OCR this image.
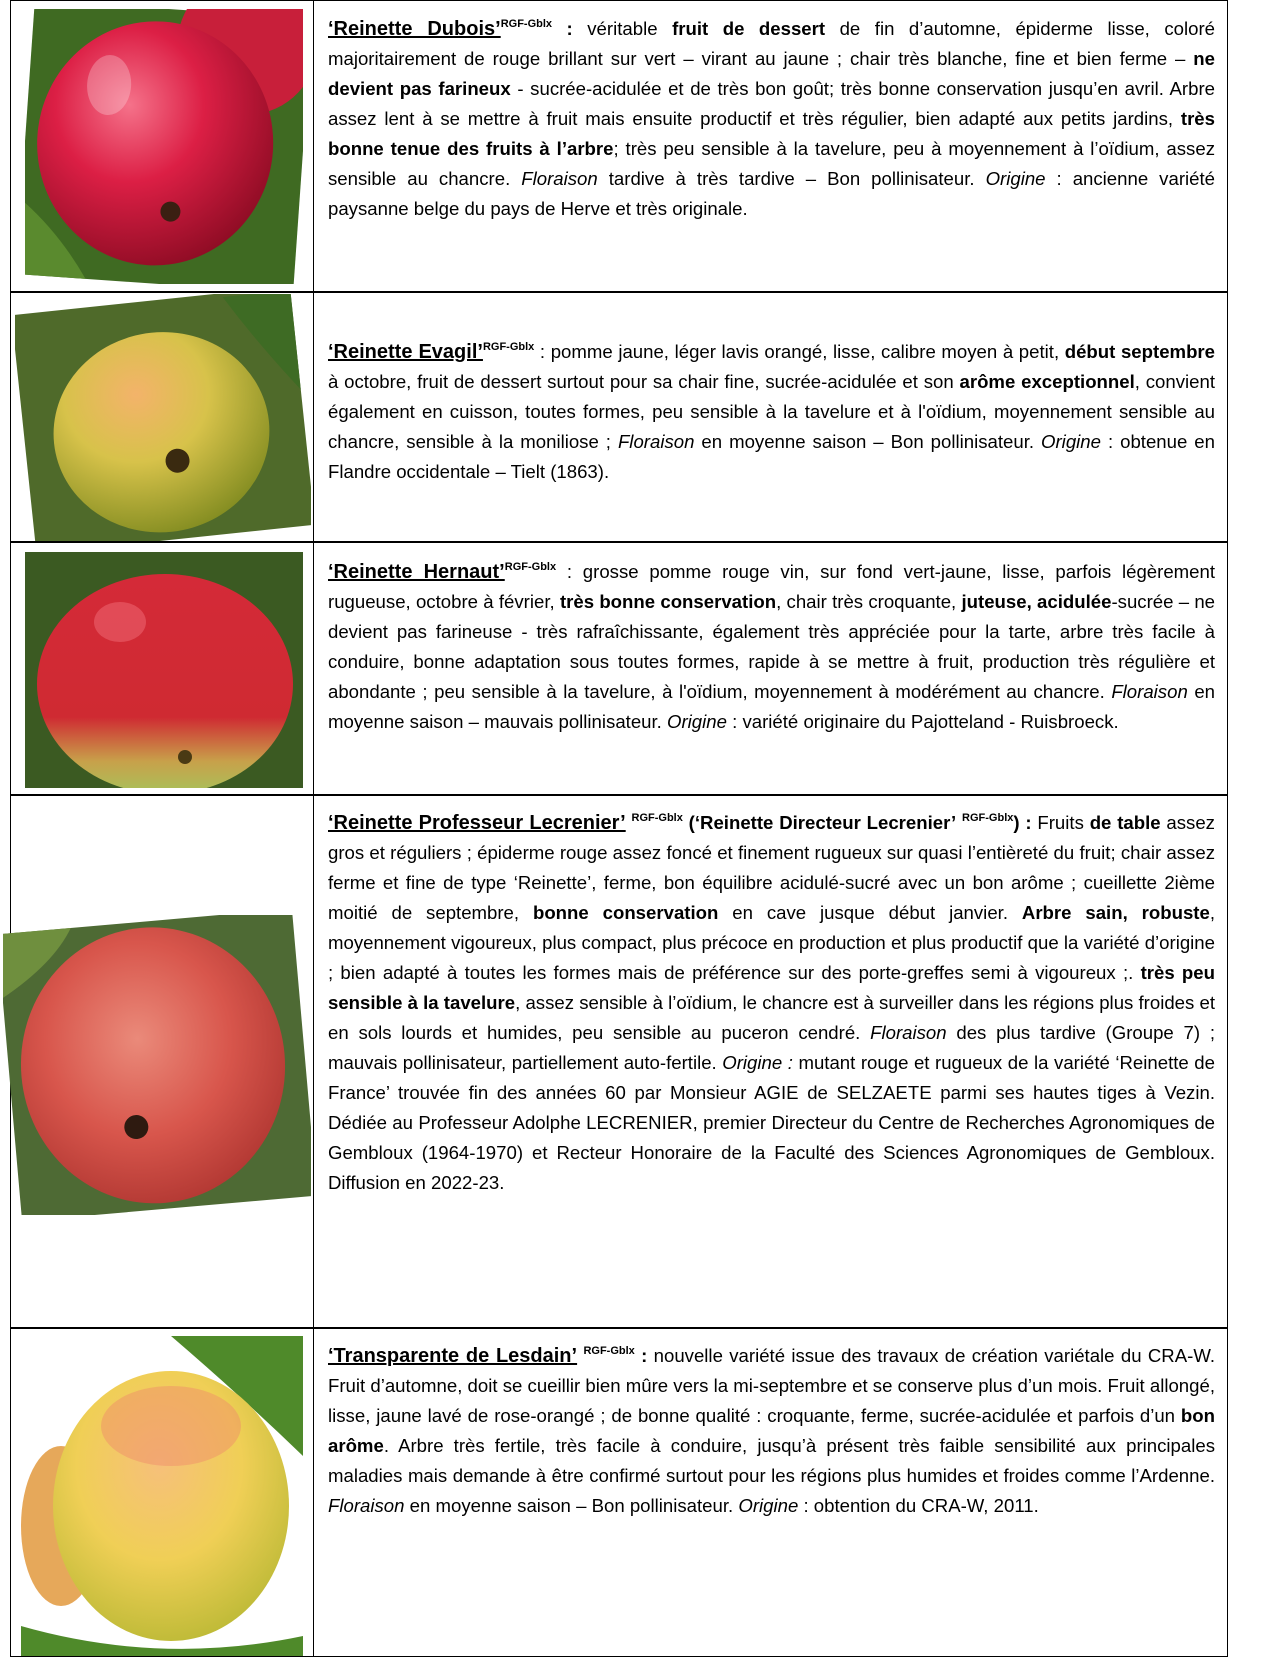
‘Reinette Dubois’$^{RGF-Gblx}$ : véritable fruit de dessert de fin d’automne, épiderme lisse, coloré majoritairement de rouge brillant sur vert – virant au jaune ; chair très blanche, fine et bien ferme – ne devient pas farineux - sucrée-acidulée et de très bon goût; très bonne conservation jusqu’en avril. Arbre assez lent à se mettre à fruit mais ensuite productif et très régulier, bien adapté aux petits jardins, très bonne tenue des fruits à l’arbre; très peu sensible à la tavelure, peu à moyennement à l’oïdium, assez sensible au chancre. Floraison tardive à très tardive – Bon pollinisateur. Origine : ancienne variété paysanne belge du pays de Herve et très originale.
‘Reinette Evagil’$^{RGF-Gblx}$ : pomme jaune, léger lavis orangé, lisse, calibre moyen à petit, début septembre à octobre, fruit de dessert surtout pour sa chair fine, sucrée-acidulée et son arôme exceptionnel, convient également en cuisson, toutes formes, peu sensible à la tavelure et à l'oïdium, moyennement sensible au chancre, sensible à la moniliose ; Floraison en moyenne saison – Bon pollinisateur. Origine : obtenue en Flandre occidentale – Tielt (1863).
‘Reinette Hernaut’$^{RGF-Gblx}$ : grosse pomme rouge vin, sur fond vert-jaune, lisse, parfois légèrement rugueuse, octobre à février, très bonne conservation, chair très croquante, juteuse, acidulée-sucrée – ne devient pas farineuse - très rafraîchissante, également très appréciée pour la tarte, arbre très facile à conduire, bonne adaptation sous toutes formes, rapide à se mettre à fruit, production très régulière et abondante ; peu sensible à la tavelure, à l'oïdium, moyennement à modérément au chancre. Floraison en moyenne saison – mauvais pollinisateur. Origine : variété originaire du Pajotteland - Ruisbroeck.
‘Reinette Professeur Lecrenier’ $^{RGF-Gblx}$ (‘Reinette Directeur Lecrenier’ $^{RGF-Gblx}$) : Fruits de table assez gros et réguliers ; épiderme rouge assez foncé et finement rugueux sur quasi l’entièreté du fruit; chair assez ferme et fine de type ‘Reinette’, ferme, bon équilibre acidulé-sucré avec un bon arôme ; cueillette 2ième moitié de septembre, bonne conservation en cave jusque début janvier. Arbre sain, robuste, moyennement vigoureux, plus compact, plus précoce en production et plus productif que la variété d’origine ; bien adapté à toutes les formes mais de préférence sur des porte-greffes semi à vigoureux ;. très peu sensible à la tavelure, assez sensible à l’oïdium, le chancre est à surveiller dans les régions plus froides et en sols lourds et humides, peu sensible au puceron cendré. Floraison des plus tardive (Groupe 7) ; mauvais pollinisateur, partiellement auto-fertile. Origine : mutant rouge et rugueux de la variété ‘Reinette de France’ trouvée fin des années 60 par Monsieur AGIE de SELZAETE parmi ses hautes tiges à Vezin. Dédiée au Professeur Adolphe LECRENIER, premier Directeur du Centre de Recherches Agronomiques de Gembloux (1964-1970) et Recteur Honoraire de la Faculté des Sciences Agronomiques de Gembloux. Diffusion en 2022-23.
‘Transparente de Lesdain’ $^{RGF-Gblx}$ : nouvelle variété issue des travaux de création variétale du CRA-W. Fruit d’automne, doit se cueillir bien mûre vers la mi-septembre et se conserve plus d’un mois. Fruit allongé, lisse, jaune lavé de rose-orangé ; de bonne qualité : croquante, ferme, sucrée-acidulée et parfois d’un bon arôme. Arbre très fertile, très facile à conduire, jusqu’à présent très faible sensibilité aux principales maladies mais demande à être confirmé surtout pour les régions plus humides et froides comme l’Ardenne. Floraison en moyenne saison – Bon pollinisateur. Origine : obtention du CRA-W, 2011.
